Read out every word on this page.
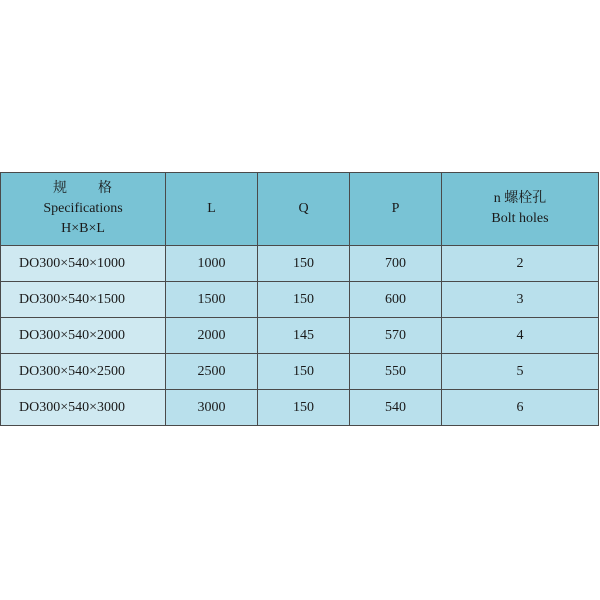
规　　格
Specifications
H×B×L	L	Q	P	n 螺栓孔
Bolt holes

DO300×540×1000	1000	150	700	2
DO300×540×1500	1500	150	600	3
DO300×540×2000	2000	145	570	4
DO300×540×2500	2500	150	550	5
DO300×540×3000	3000	150	540	6
